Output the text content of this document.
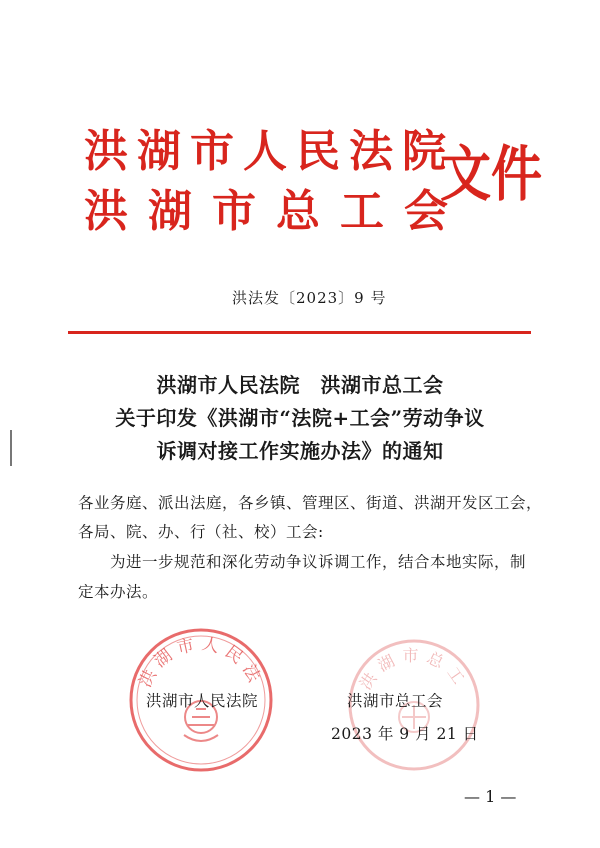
洪湖市人民法院
洪湖市总工会
文件
洪法发〔2023〕9 号
洪湖市人民法院　洪湖市总工会
关于印发《洪湖市“法院+工会”劳动争议
诉调对接工作实施办法》的通知
各业务庭、派出法庭，各乡镇、管理区、街道、洪湖开发区工会，
各局、院、办、行（社、校）工会:
为进一步规范和深化劳动争议诉调工作，结合本地实际，制
定本办法。
洪湖市人民法	洪湖市总工
洪湖市人民法院	洪湖市总工会
2023 年 9 月 21 日
— 1 —
